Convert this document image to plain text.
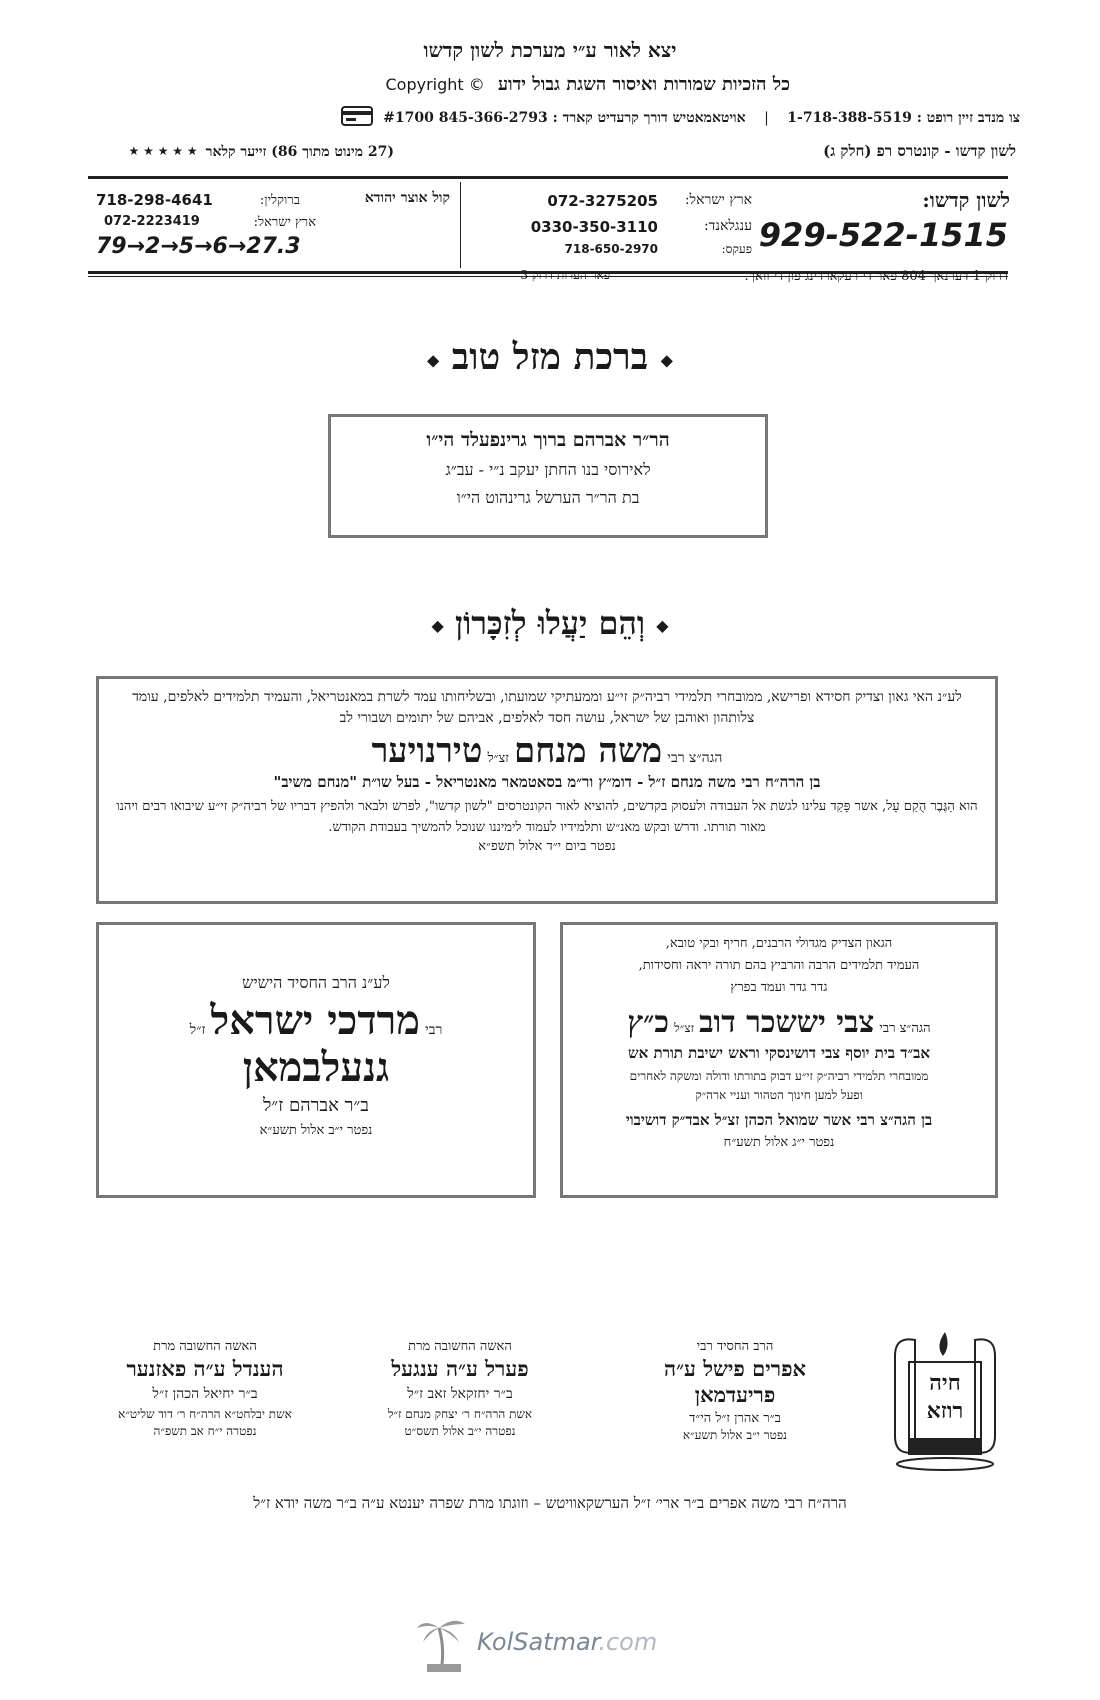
יצא לאור ע״י מערכת לשון קדשו
כל הזכיות שמורות ואיסור השגת גבול ידוע Copyright ©
צו מנדב זיין רופט : 1-718-388-5519 | אויטאמאטיש דורך קרעדיט קארד : 845-366-2793 #1700
לשון קדשו - קונטרס רפ (חלק ג)
(27 מינוט מתוך 86) זייער קלאר
★ ★ ★ ★ ★
לשון קדשו:
929-522-1515
ארץ ישראל:
072-3275205
ענגלאנד:
0330-350-3110
פעקס:
718-650-2970
דרוק 1 דערנאך 804 פאר די רעקארדינג פון די וואך.
פאר הערות דרוק 3
קול אוצר יהודא
ברוקלין:
718-298-4641
ארץ ישראל:
072-2223419
79→2→5→6→27.3
◆ ברכת מזל טוב ◆
הר״ר אברהם ברוך גרינפעלד הי״ו
לאירוסי בנו החתן יעקב נ״י - עב״ג
בת הר״ר הערשל גרינהוט הי״ו
◆ וְהֵם יַעֲלוּ לְזִכָּרוֹן ◆
לע״נ האי גאון וצדיק חסידא ופרישא, ממובחרי תלמידי רביה״ק זי״ע וממעתיקי שמועתו, ובשליחותו עמד לשרת במאנטריאל, והעמיד תלמידים לאלפים, עומד צלותהון ואוהבן של ישראל, עושה חסד לאלפים, אביהם של יתומים ושבורי לב
הגה״צ רבי משה מנחם זצ״ל טירנויער
בן הרה״ח רבי משה מנחם ז״ל - דומ״ץ ור״מ בסאטמאר מאנטריאל - בעל שו״ת "מנחם משיב"
הוא הַגֶּבֶר הֻקַם עָל, אשר פָּקַד עלינו לגשת אל העבודה ולעסוק בקדשים, להוציא לאור הקונטרסים "לשון קדשו", לפרש ולבאר ולהפיץ דבריו של רביה״ק זי״ע שיבואו רבים ויהנו מאור תורתו. ודרש ובקש מאנ״ש ותלמידיו לעמוד לימיננו שנוכל להמשיך בעבודת הקודש.
נפטר ביום י״ד אלול תשפ״א
הגאון הצדיק מגדולי הרבנים, חריף ובקי טובא,
העמיד תלמידים הרבה והרביץ בהם תורה יראה וחסידות,
גדר גדר ועמד בפרץ
הגה״צ רבי צבי יששכר דוב זצ״ל כ״ץ
אב״ד בית יוסף צבי דושינסקי וראש ישיבת תורת אש
ממובחרי תלמידי רביה״ק זי״ע דבוק בתורתו ודולה ומשקה לאחרים
ופעל למען חינוך הטהור ועניי ארה״ק
בן הגה״צ רבי אשר שמואל הכהן זצ״ל אבד״ק דושיבוי
נפטר י״ג אלול תשע״ח
לע״נ הרב החסיד הישיש
רבי מרדכי ישראל ז״ל
גנעלבמאן
ב״ר אברהם ז״ל
נפטר י״ב אלול תשע״א
חיה
רוזא
הרב החסיד רבי
אפרים פישל ע״ה
פריעדמאן
ב״ר אהרן ז״ל הי״ד
נפטר י״ב אלול תשע״א
האשה החשובה מרת
פערל ע״ה ענגעל
ב״ר יחזקאל זאב ז״ל
אשת הרה״ח ר׳ יצחק מנחם ז״ל
נפטרה י״ב אלול תשס״ט
האשה החשובה מרת
הענדל ע״ה פאזנער
ב״ר יחיאל הכהן ז״ל
אשת יבלחט״א הרה״ח ר׳ דוד שליט״א
נפטרה י״ח אב תשפ״ה
הרה״ח רבי משה אפרים ב״ר ארי׳ ז״ל הערשקאוויטש – וזוגתו מרת שפרה יענטא ע״ה ב״ר משה יודא ז״ל
KolSatmar.com
